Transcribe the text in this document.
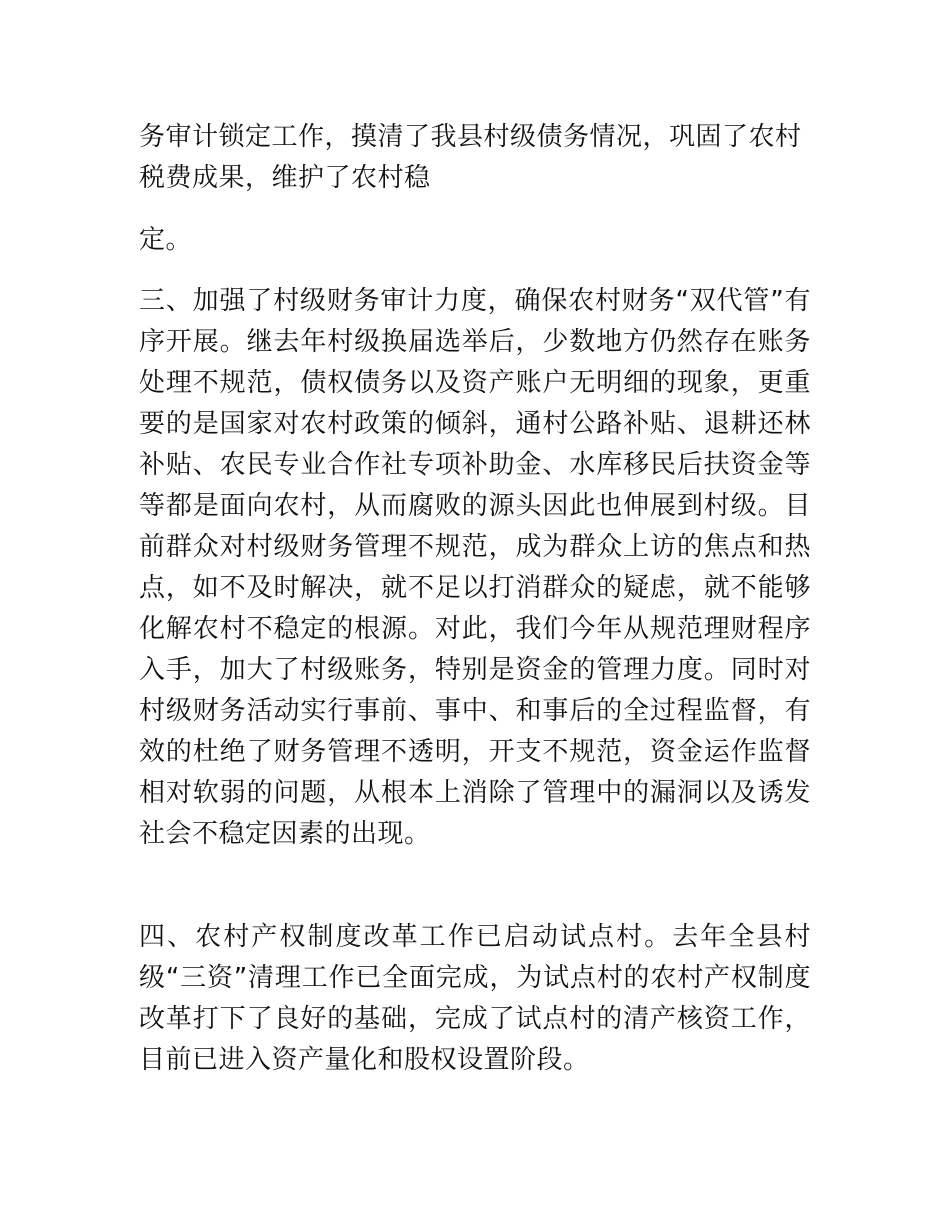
务审计锁定工作，摸清了我县村级债务情况，巩固了农村税费成果，维护了农村稳

定。

三、加强了村级财务审计力度，确保农村财务“双代管”有序开展。继去年村级换届选举后，少数地方仍然存在账务处理不规范，债权债务以及资产账户无明细的现象，更重要的是国家对农村政策的倾斜，通村公路补贴、退耕还林补贴、农民专业合作社专项补助金、水库移民后扶资金等等都是面向农村，从而腐败的源头因此也伸展到村级。目前群众对村级财务管理不规范，成为群众上访的焦点和热点，如不及时解决，就不足以打消群众的疑虑，就不能够化解农村不稳定的根源。对此，我们今年从规范理财程序入手，加大了村级账务，特别是资金的管理力度。同时对村级财务活动实行事前、事中、和事后的全过程监督，有效的杜绝了财务管理不透明，开支不规范，资金运作监督相对软弱的问题，从根本上消除了管理中的漏洞以及诱发社会不稳定因素的出现。

四、农村产权制度改革工作已启动试点村。去年全县村级“三资”清理工作已全面完成，为试点村的农村产权制度改革打下了良好的基础，完成了试点村的清产核资工作，目前已进入资产量化和股权设置阶段。
